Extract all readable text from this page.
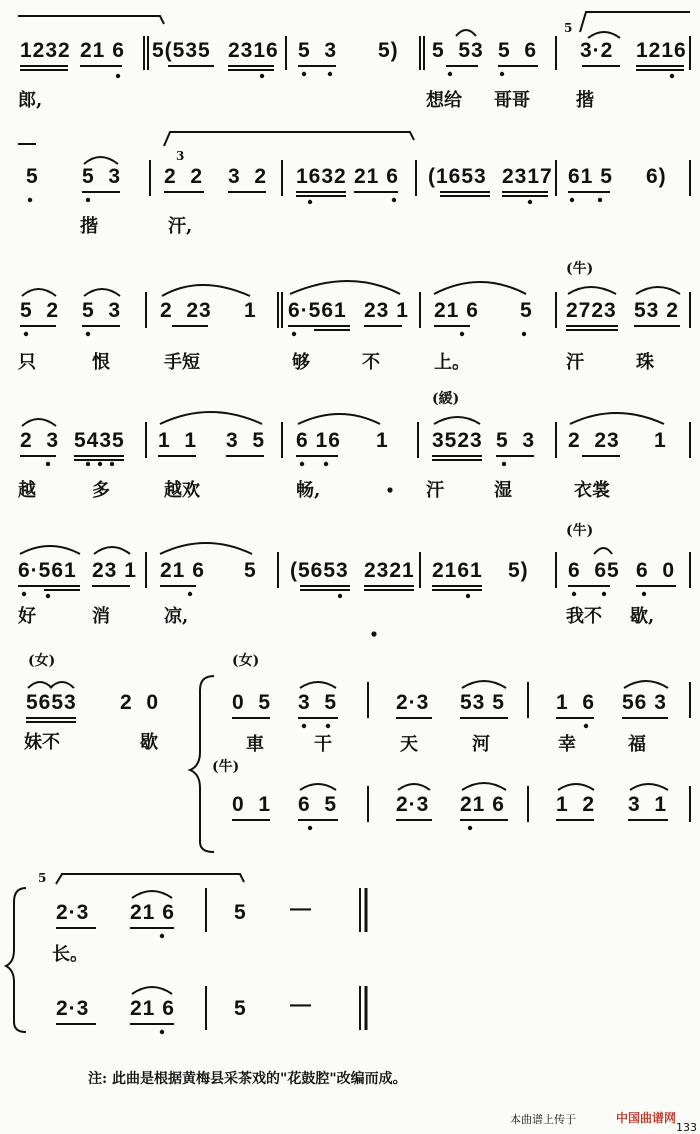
1232 21 6 5(535 2316 5  3 5) 5  53 5  6
5
3·2 1216
郎,	想给 哥哥	揩
5 5  3
3
2  2 3  2 1632 21 6 (1653 2317 61 5 6)
揩	汗,
(牛)
5  2 5  3 2  23 1 6·561 23 1 21 6 5 2723 53 2
只	恨	手短	够	不	上。	汗	珠
(緩)
2  3 5435 1  1 3  5 6 16 1 3523 5  3 2  23 1
越	多	越欢	畅,	汗	湿	衣裳
(牛)
6·561 23 1 21 6 5 (5653 2321 2161 5) 6  65 6  0
好	消	凉,	我不 歇,
(女)
5653 2  0
妹不	歇
(女)
0  5 3  5	2·3 53 5 1  6 56 3
車	干	天	河	幸	福
(牛)
0  1 6  5	2·3 21 6 1  2 3  1
5
2·3 21 6	5 —
长。
2·3 21 6	5 —
注: 此曲是根据黄梅县采茶戏的"花鼓腔"改编而成。
本曲谱上传于	中国曲谱网
133
